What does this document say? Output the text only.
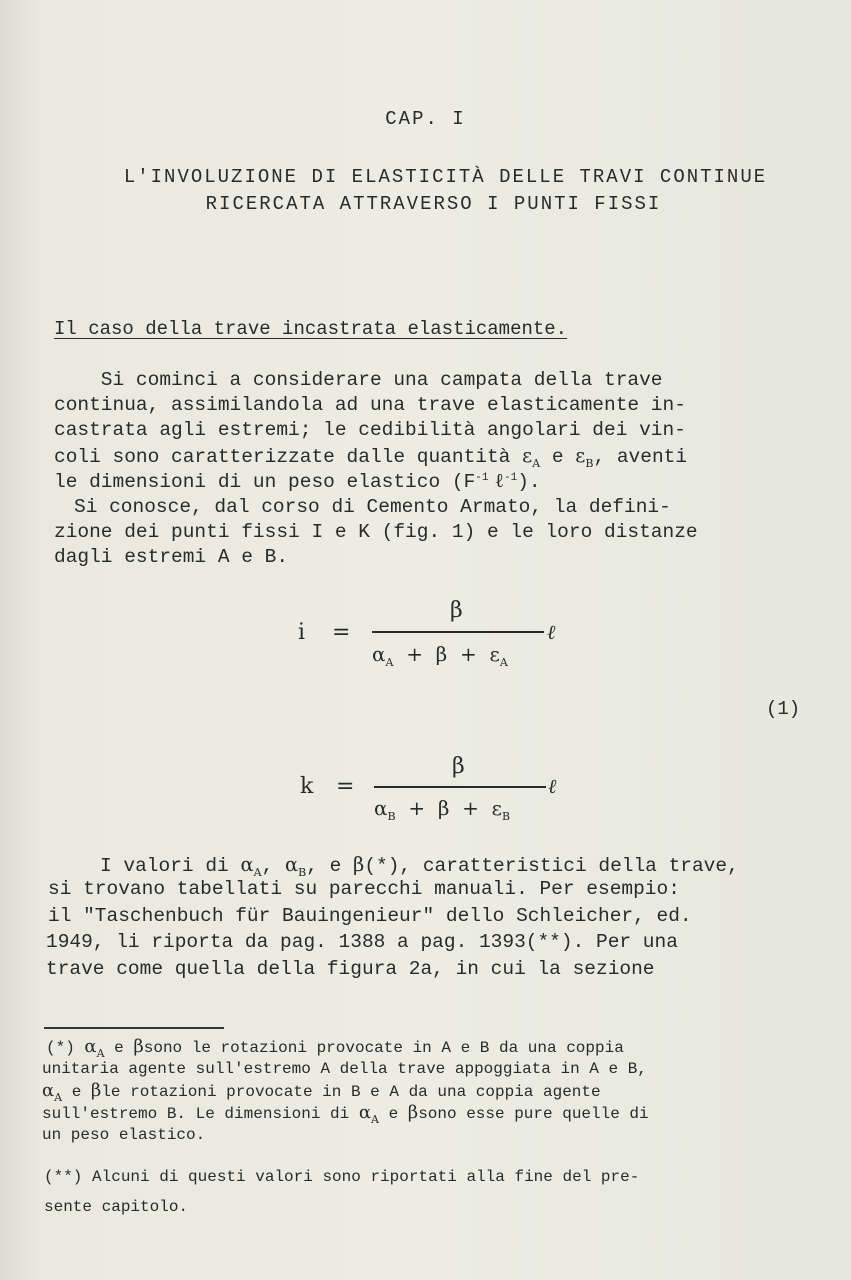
CAP. I
L'INVOLUZIONE DI ELASTICITÀ DELLE TRAVI CONTINUE
RICERCATA ATTRAVERSO I PUNTI FISSI
Il caso della trave incastrata elasticamente.
Si cominci a considerare una campata della trave
continua, assimilandola ad una trave elasticamente in-
castrata agli estremi; le cedibilità angolari dei vin-
coli sono caratterizzate dalle quantità $\varepsilon_A$ e $\varepsilon_B$, aventi
le dimensioni di un peso elastico ($F^{-1}$ ℓ$^{-1}$).
Si conosce, dal corso di Cemento Armato, la defini-
zione dei punti fissi I e K (fig. 1) e le loro distanze
dagli estremi A e B.
i =
β
ℓ
$\alpha_A + \beta + \varepsilon_A$
(1)
k =
β
ℓ
$\alpha_B + \beta + \varepsilon_B$
I valori di $\alpha_A$, $\alpha_B$, e β(*), caratteristici della trave,
si trovano tabellati su parecchi manuali. Per esempio:
il "Taschenbuch für Bauingenieur" dello Schleicher, ed.
1949, li riporta da pag. 1388 a pag. 1393(**). Per una
trave come quella della figura 2a, in cui la sezione
(*) $\alpha_A$ e βsono le rotazioni provocate in A e B da una coppia
unitaria agente sull'estremo A della trave appoggiata in A e B,
$\alpha_A$ e βle rotazioni provocate in B e A da una coppia agente
sull'estremo B. Le dimensioni di $\alpha_A$ e βsono esse pure quelle di
un peso elastico.
(**) Alcuni di questi valori sono riportati alla fine del pre-
sente capitolo.
